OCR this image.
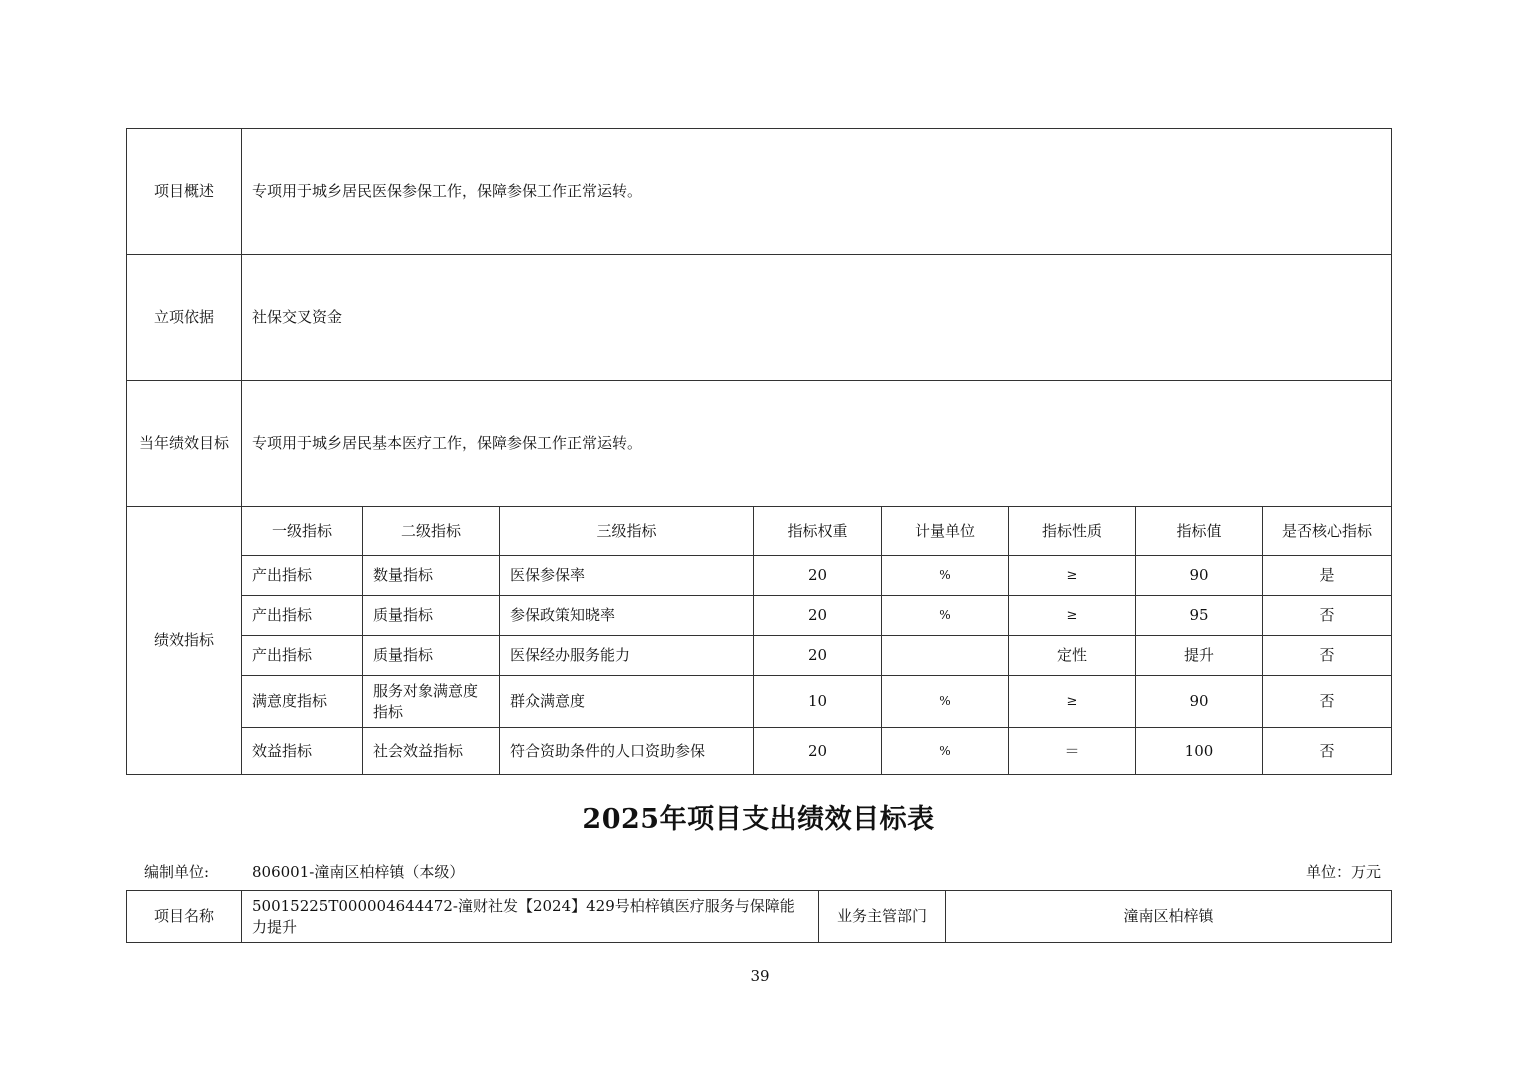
项目概述	专项用于城乡居民医保参保工作，保障参保工作正常运转。							
立项依据	社保交叉资金							
当年绩效目标	专项用于城乡居民基本医疗工作，保障参保工作正常运转。							
绩效指标	一级指标	二级指标	三级指标	指标权重	计量单位	指标性质	指标值	是否核心指标
	产出指标	数量指标	医保参保率	20	%	≥	90	是
	产出指标	质量指标	参保政策知晓率	20	%	≥	95	否
	产出指标	质量指标	医保经办服务能力	20		定性	提升	否
	满意度指标	服务对象满意度指标	群众满意度	10	%	≥	90	否
	效益指标	社会效益指标	符合资助条件的人口资助参保	20	%	＝	100	否
2025年项目支出绩效目标表
编制单位:	806001-潼南区柏梓镇（本级）	单位：万元
项目名称	50015225T000004644472-潼财社发【2024】429号柏梓镇医疗服务与保障能力提升	业务主管部门	潼南区柏梓镇
39
